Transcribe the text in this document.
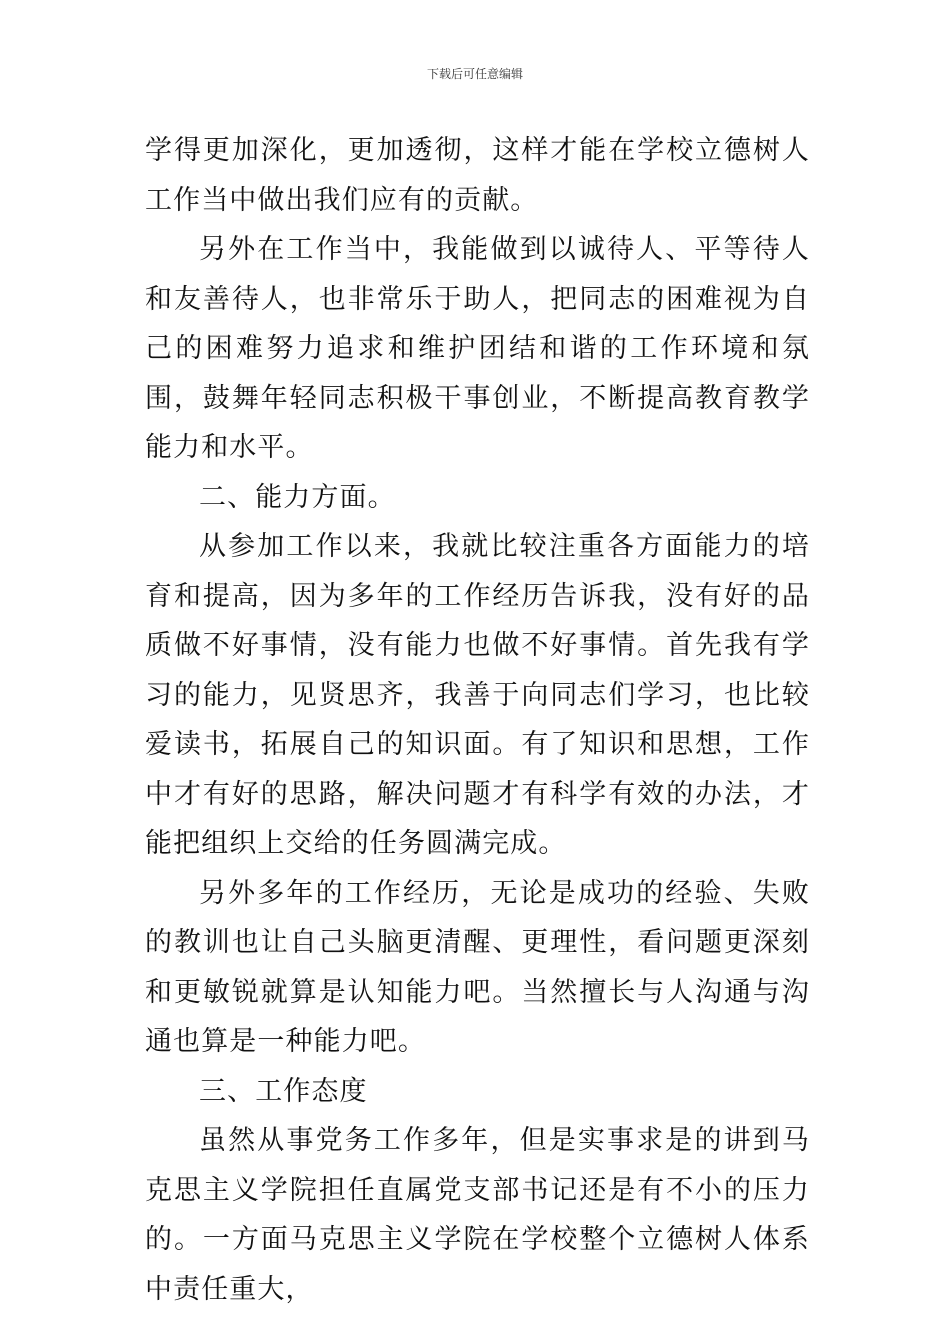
下载后可任意编辑

学得更加深化，更加透彻，这样才能在学校立德树人工作当中做出我们应有的贡献。

另外在工作当中，我能做到以诚待人、平等待人和友善待人，也非常乐于助人，把同志的困难视为自己的困难努力追求和维护团结和谐的工作环境和氛围，鼓舞年轻同志积极干事创业，不断提高教育教学能力和水平。

二、能力方面。

从参加工作以来，我就比较注重各方面能力的培育和提高，因为多年的工作经历告诉我，没有好的品质做不好事情，没有能力也做不好事情。首先我有学习的能力，见贤思齐，我善于向同志们学习，也比较爱读书，拓展自己的知识面。有了知识和思想，工作中才有好的思路，解决问题才有科学有效的办法，才能把组织上交给的任务圆满完成。

另外多年的工作经历，无论是成功的经验、失败的教训也让自己头脑更清醒、更理性，看问题更深刻和更敏锐就算是认知能力吧。当然擅长与人沟通与沟通也算是一种能力吧。

三、工作态度

虽然从事党务工作多年，但是实事求是的讲到马克思主义学院担任直属党支部书记还是有不小的压力的。一方面马克思主义学院在学校整个立德树人体系中责任重大，
